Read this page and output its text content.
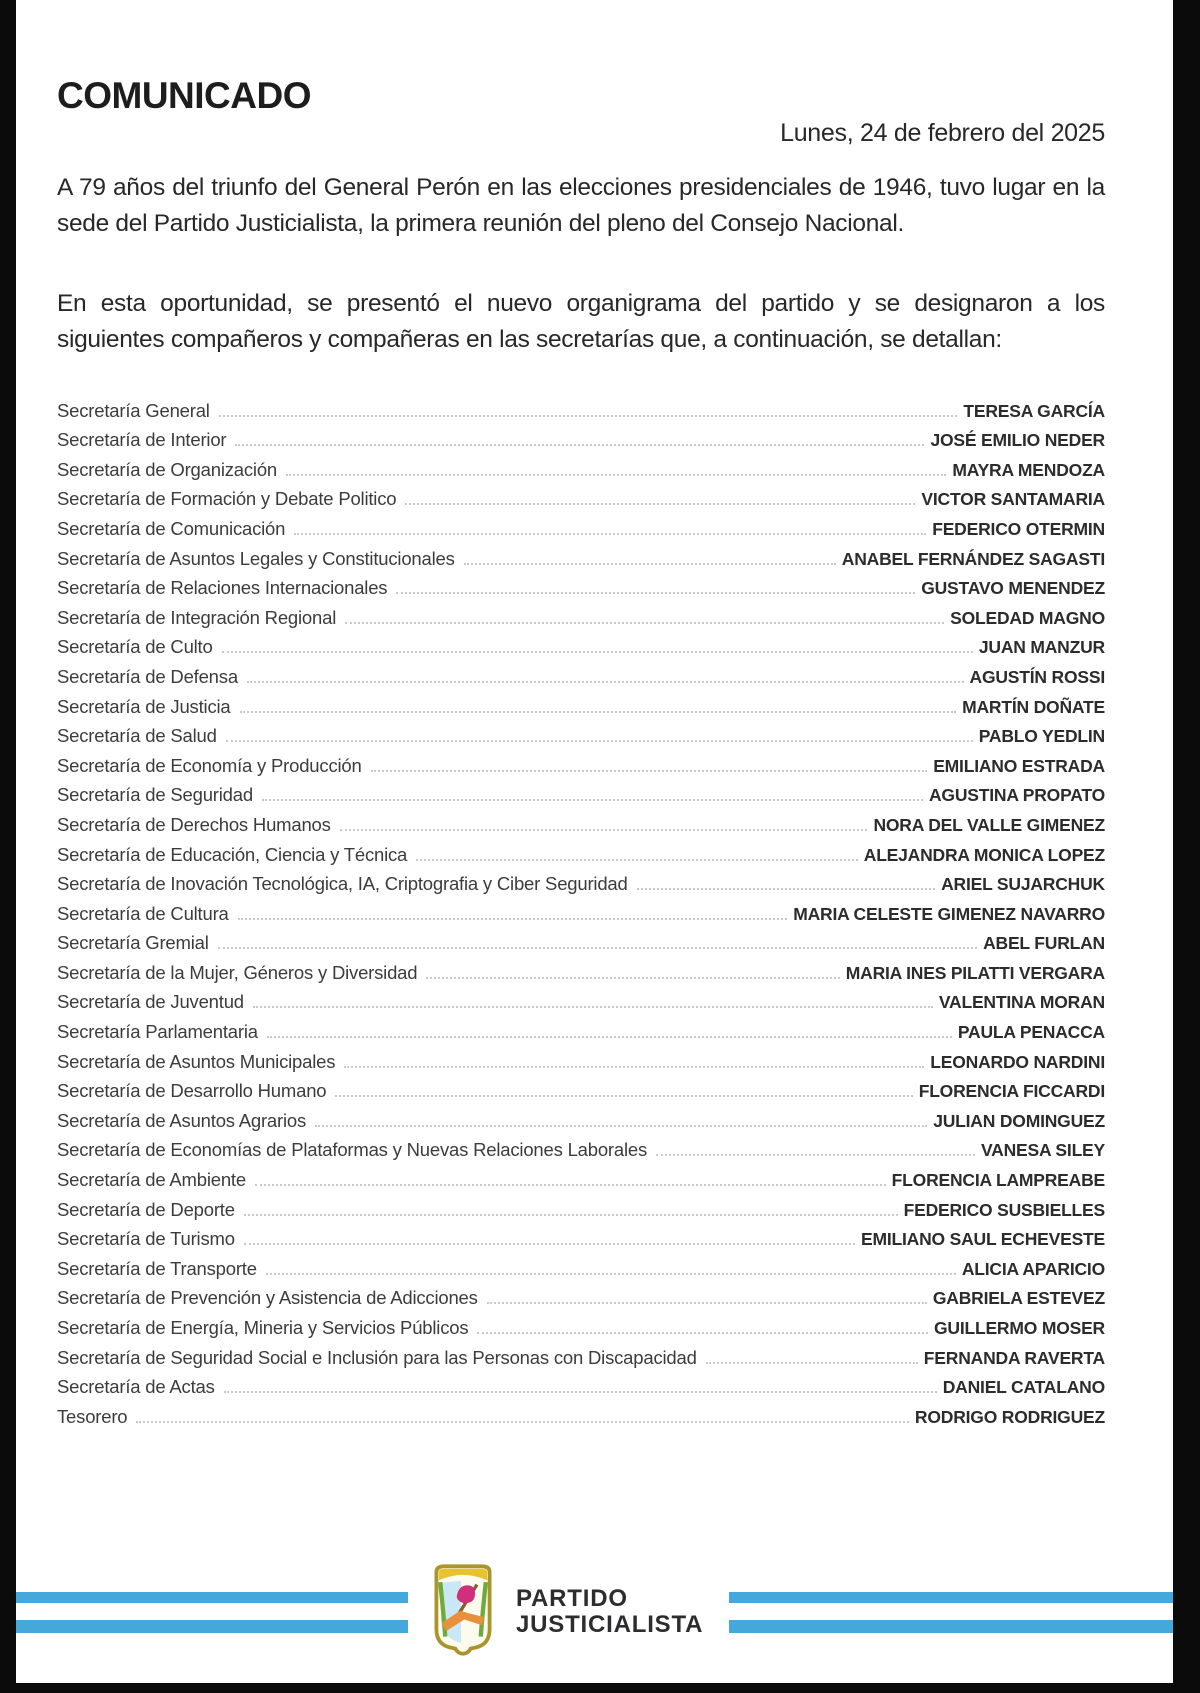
COMUNICADO
Lunes, 24 de febrero del 2025

A 79 años del triunfo del General Perón en las elecciones presidenciales de 1946, tuvo lugar en la sede del Partido Justicialista, la primera reunión del pleno del Consejo Nacional.

En esta oportunidad, se presentó el nuevo organigrama del partido y se designaron a los siguientes compañeros y compañeras en las secretarías que, a continuación, se detallan:

Secretaría General	TERESA GARCÍA
Secretaría de Interior	JOSÉ EMILIO NEDER
Secretaría de Organización	MAYRA MENDOZA
Secretaría de Formación y Debate Politico	VICTOR SANTAMARIA
Secretaría de Comunicación	FEDERICO OTERMIN
Secretaría de Asuntos Legales y Constitucionales	ANABEL FERNÁNDEZ SAGASTI
Secretaría de Relaciones Internacionales	GUSTAVO MENENDEZ
Secretaría de Integración Regional	SOLEDAD MAGNO
Secretaría de Culto	JUAN MANZUR
Secretaría de Defensa	AGUSTÍN ROSSI
Secretaría de Justicia	MARTÍN DOÑATE
Secretaría de Salud	PABLO YEDLIN
Secretaría de Economía y Producción	EMILIANO ESTRADA
Secretaría de Seguridad	AGUSTINA PROPATO
Secretaría de Derechos Humanos	NORA DEL VALLE GIMENEZ
Secretaría de Educación, Ciencia y Técnica	ALEJANDRA MONICA LOPEZ
Secretaría de Inovación Tecnológica, IA, Criptografia y Ciber Seguridad	ARIEL SUJARCHUK
Secretaría de Cultura	MARIA CELESTE GIMENEZ NAVARRO
Secretaría Gremial	ABEL FURLAN
Secretaría de la Mujer, Géneros y Diversidad	MARIA INES PILATTI VERGARA
Secretaría de Juventud	VALENTINA MORAN
Secretaría Parlamentaria	PAULA PENACCA
Secretaría de Asuntos Municipales	LEONARDO NARDINI
Secretaría de Desarrollo Humano	FLORENCIA FICCARDI
Secretaría de Asuntos Agrarios	JULIAN DOMINGUEZ
Secretaría de Economías de Plataformas y Nuevas Relaciones Laborales	VANESA SILEY
Secretaría de Ambiente	FLORENCIA LAMPREABE
Secretaría de Deporte	FEDERICO SUSBIELLES
Secretaría de Turismo	EMILIANO SAUL ECHEVESTE
Secretaría de Transporte	ALICIA APARICIO
Secretaría de Prevención y Asistencia de Adicciones	GABRIELA ESTEVEZ
Secretaría de Energía, Mineria y Servicios Públicos	GUILLERMO MOSER
Secretaría de Seguridad Social e Inclusión para las Personas con Discapacidad	FERNANDA RAVERTA
Secretaría de Actas	DANIEL CATALANO
Tesorero	RODRIGO RODRIGUEZ
PARTIDO
JUSTICIALISTA
